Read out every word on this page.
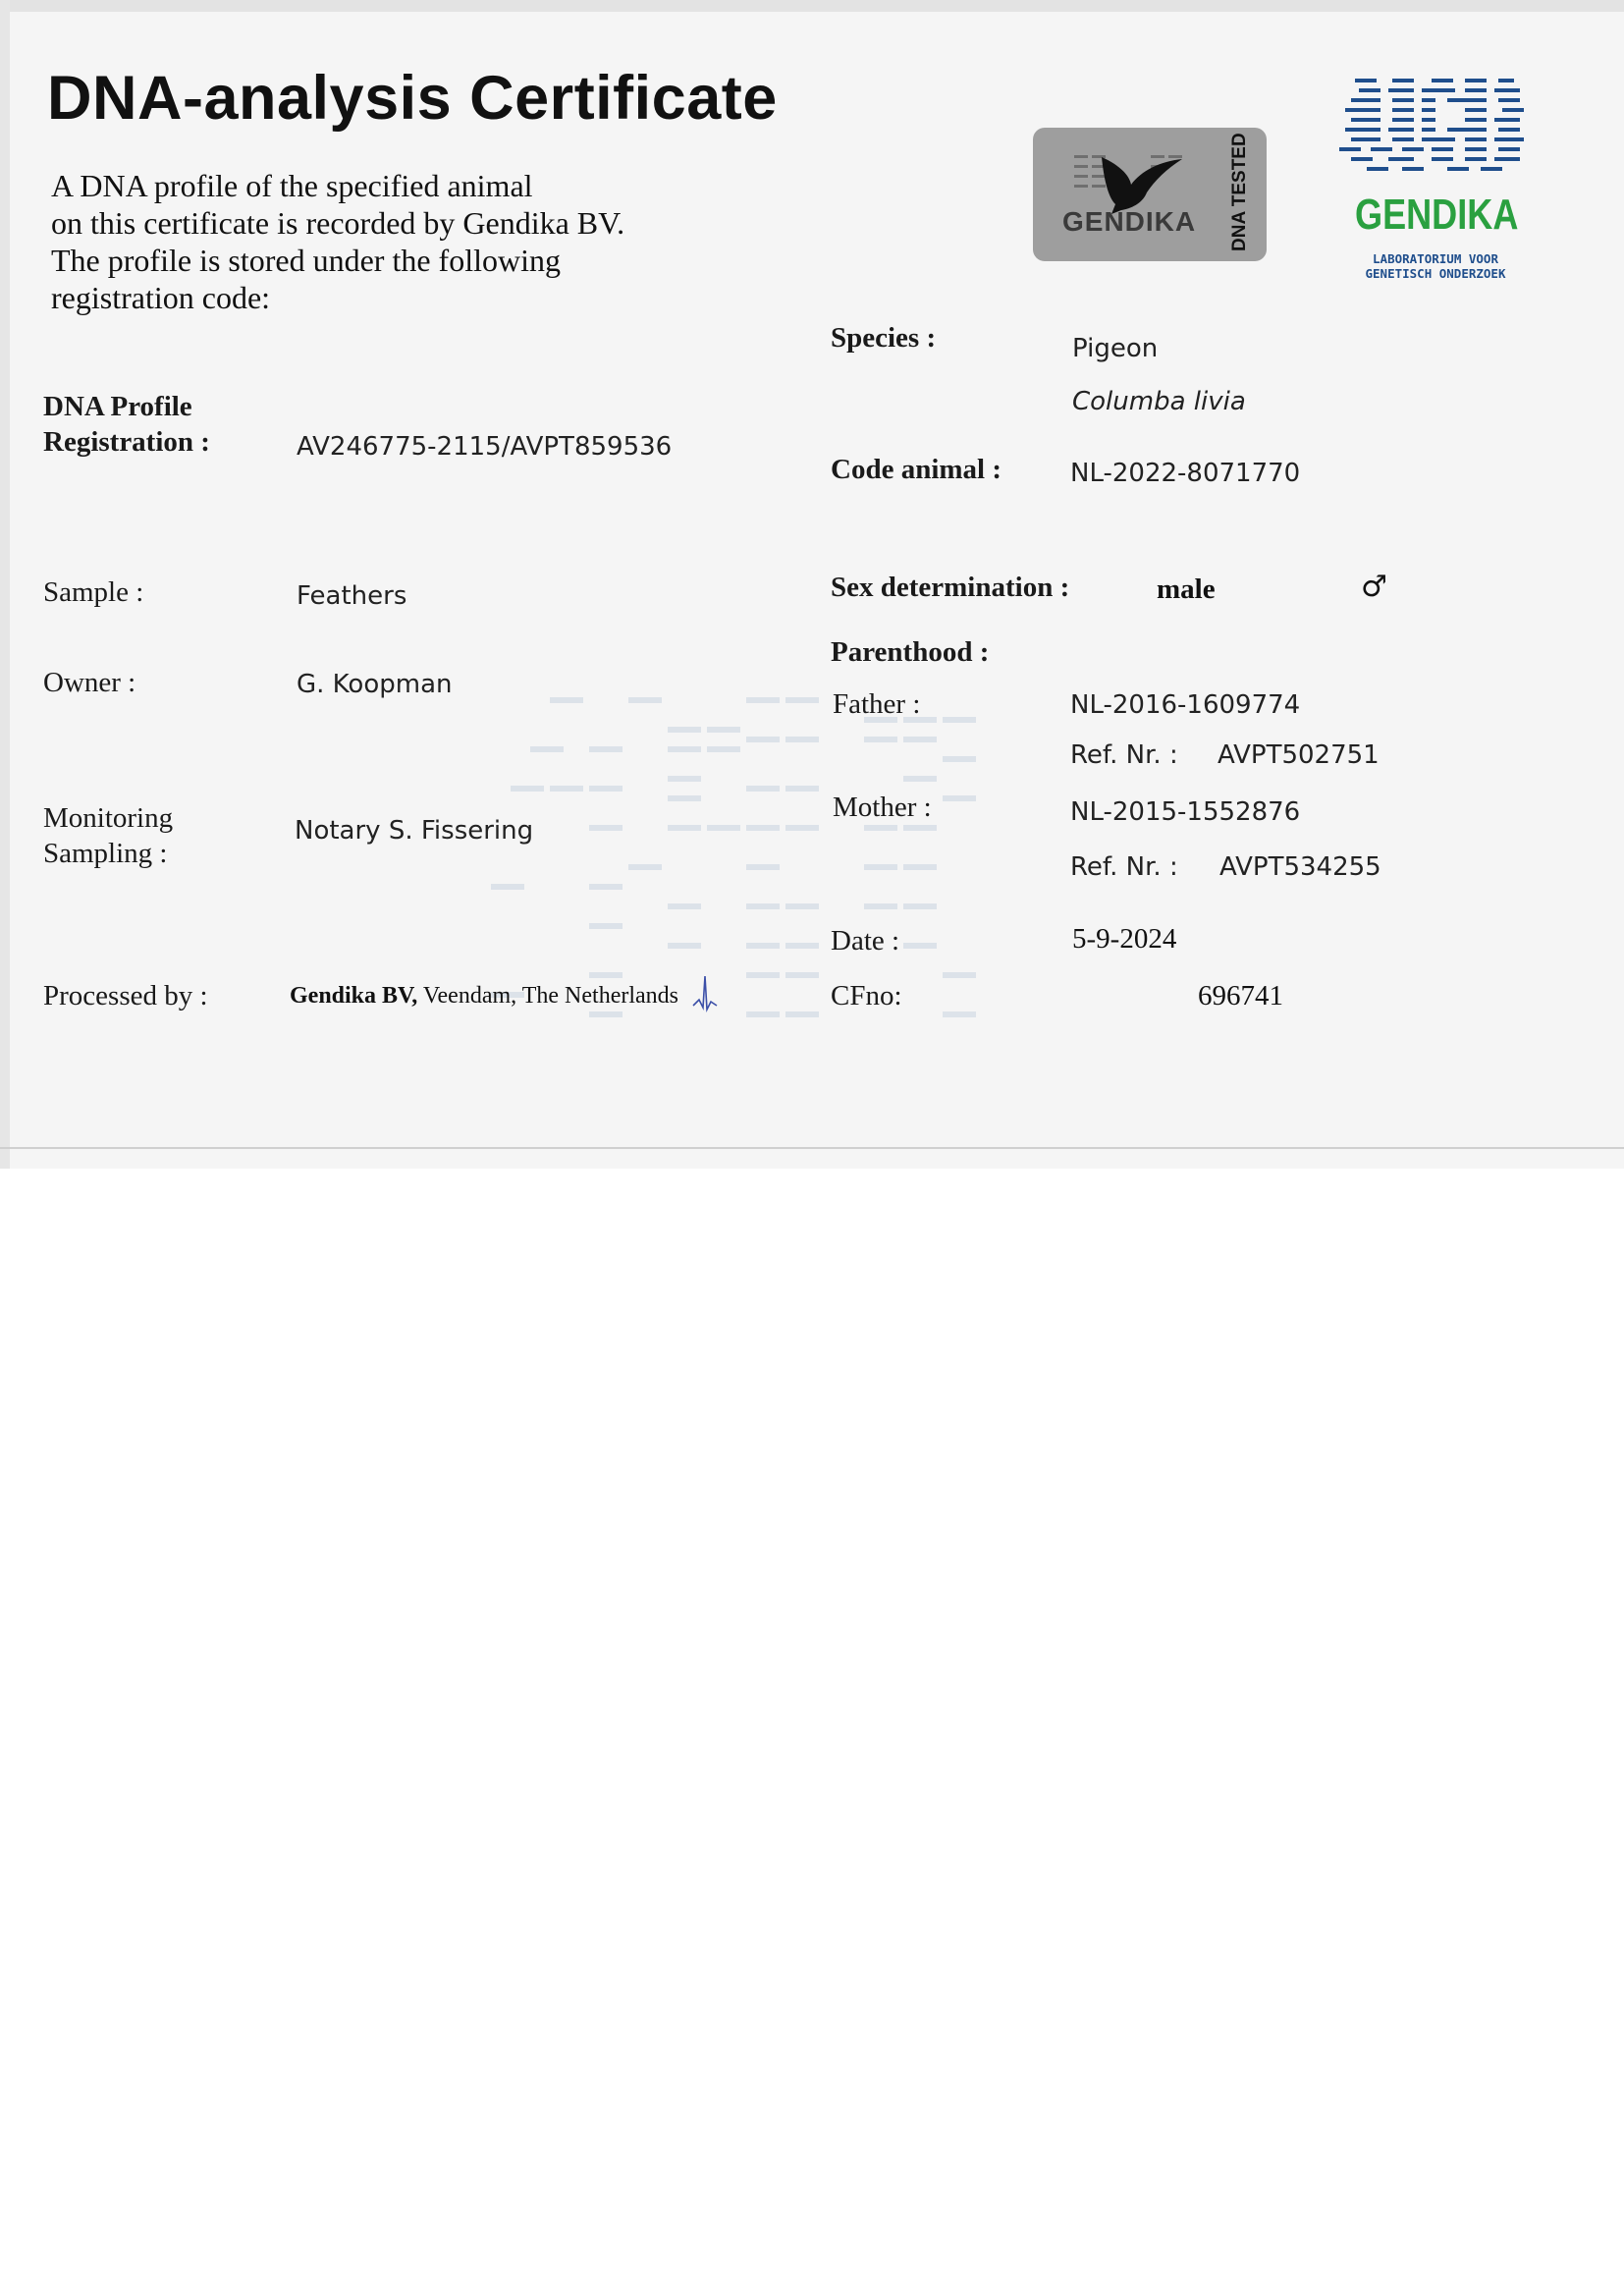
DNA-analysis Certificate
A DNA profile of the specified animal
on this certificate is recorded by Gendika BV.
The profile is stored under the following
registration code:
GENDIKA DNA TESTED GENDIKA
LABORATORIUM VOOR
GENETISCH ONDERZOEK
DNA Profile
Registration :	AV246775-2115/AVPT859536
Sample :	Feathers
Owner :	G. Koopman
Monitoring
Sampling :
Notary S. Fissering
Processed by :	Gendika BV, Veendam, The Netherlands
Species :	Pigeon
Columba livia
Code animal :	NL-2022-8071770
Sex determination :	male	♂
Parenthood :
Father :	NL-2016-1609774
Ref. Nr. : AVPT502751
Mother :	NL-2015-1552876
Ref. Nr. : AVPT534255
Date :	5-9-2024
CFno:	696741
